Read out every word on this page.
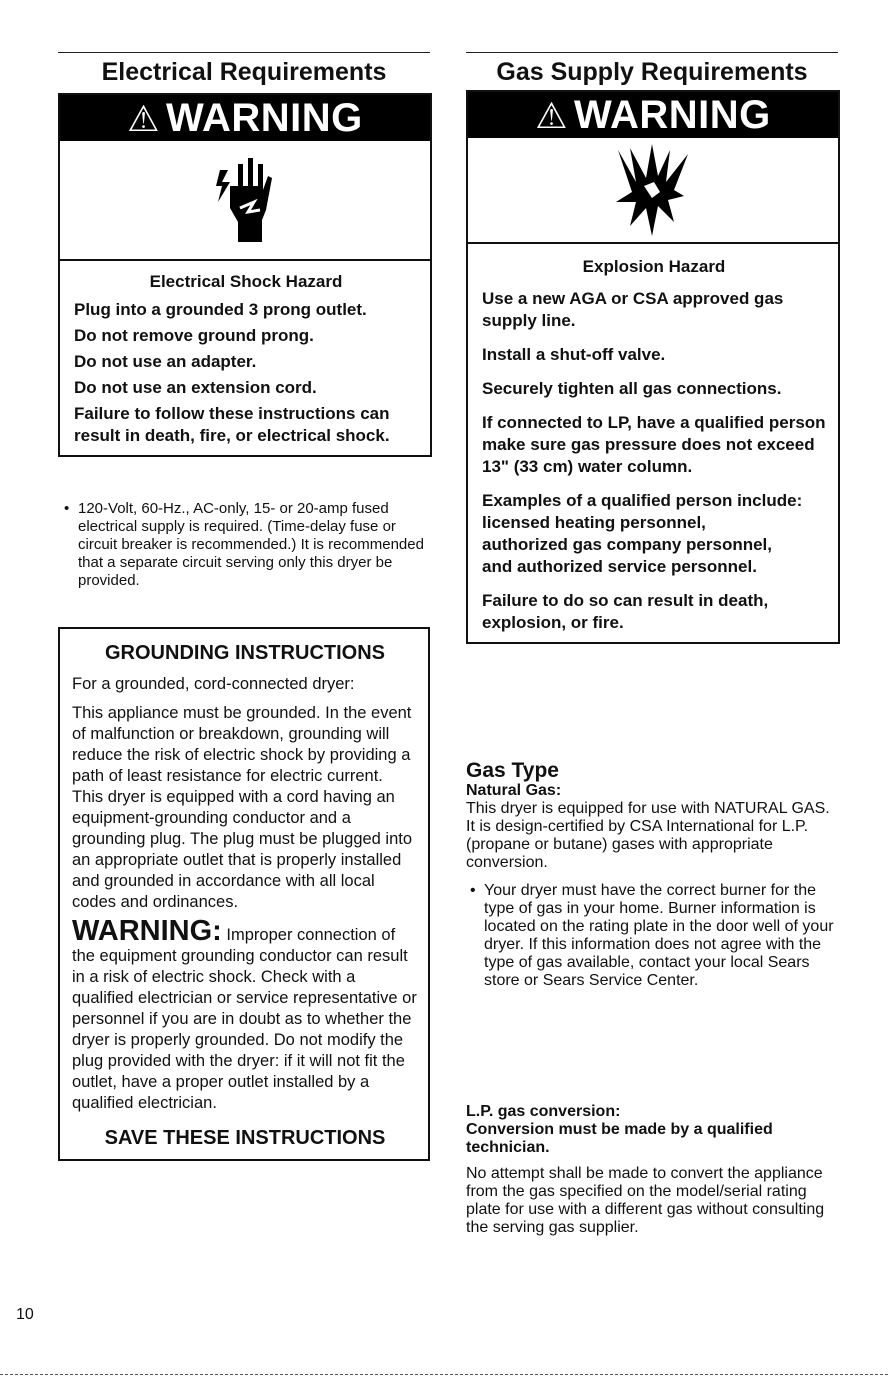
Electrical Requirements
⚠ WARNING
Electrical Shock Hazard

Plug into a grounded 3 prong outlet.

Do not remove ground prong.

Do not use an adapter.

Do not use an extension cord.

Failure to follow these instructions can result in death, fire, or electrical shock.

• 120-Volt, 60-Hz., AC-only, 15- or 20-amp fused electrical supply is required. (Time-delay fuse or circuit breaker is recommended.) It is recommended that a separate circuit serving only this dryer be provided.
GROUNDING INSTRUCTIONS

For a grounded, cord-connected dryer:

This appliance must be grounded. In the event of malfunction or breakdown, grounding will reduce the risk of electric shock by providing a path of least resistance for electric current. This dryer is equipped with a cord having an equipment-grounding conductor and a grounding plug. The plug must be plugged into an appropriate outlet that is properly installed and grounded in accordance with all local codes and ordinances.

WARNING: Improper connection of the equipment grounding conductor can result in a risk of electric shock. Check with a qualified electrician or service representative or personnel if you are in doubt as to whether the dryer is properly grounded. Do not modify the plug provided with the dryer: if it will not fit the outlet, have a proper outlet installed by a qualified electrician.

SAVE THESE INSTRUCTIONS
Gas Supply Requirements
⚠ WARNING
Explosion Hazard

Use a new AGA or CSA approved gas supply line.

Install a shut-off valve.

Securely tighten all gas connections.

If connected to LP, have a qualified person make sure gas pressure does not exceed 13" (33 cm) water column.

Examples of a qualified person include:

licensed heating personnel,

authorized gas company personnel,

and authorized service personnel.

Failure to do so can result in death, explosion, or fire.

Gas Type
Natural Gas:
This dryer is equipped for use with NATURAL GAS. It is design-certified by CSA International for L.P. (propane or butane) gases with appropriate conversion.
• Your dryer must have the correct burner for the type of gas in your home. Burner information is located on the rating plate in the door well of your dryer. If this information does not agree with the type of gas available, contact your local Sears store or Sears Service Center.
L.P. gas conversion:
Conversion must be made by a qualified technician.
No attempt shall be made to convert the appliance from the gas specified on the model/serial rating plate for use with a different gas without consulting the serving gas supplier.
10
